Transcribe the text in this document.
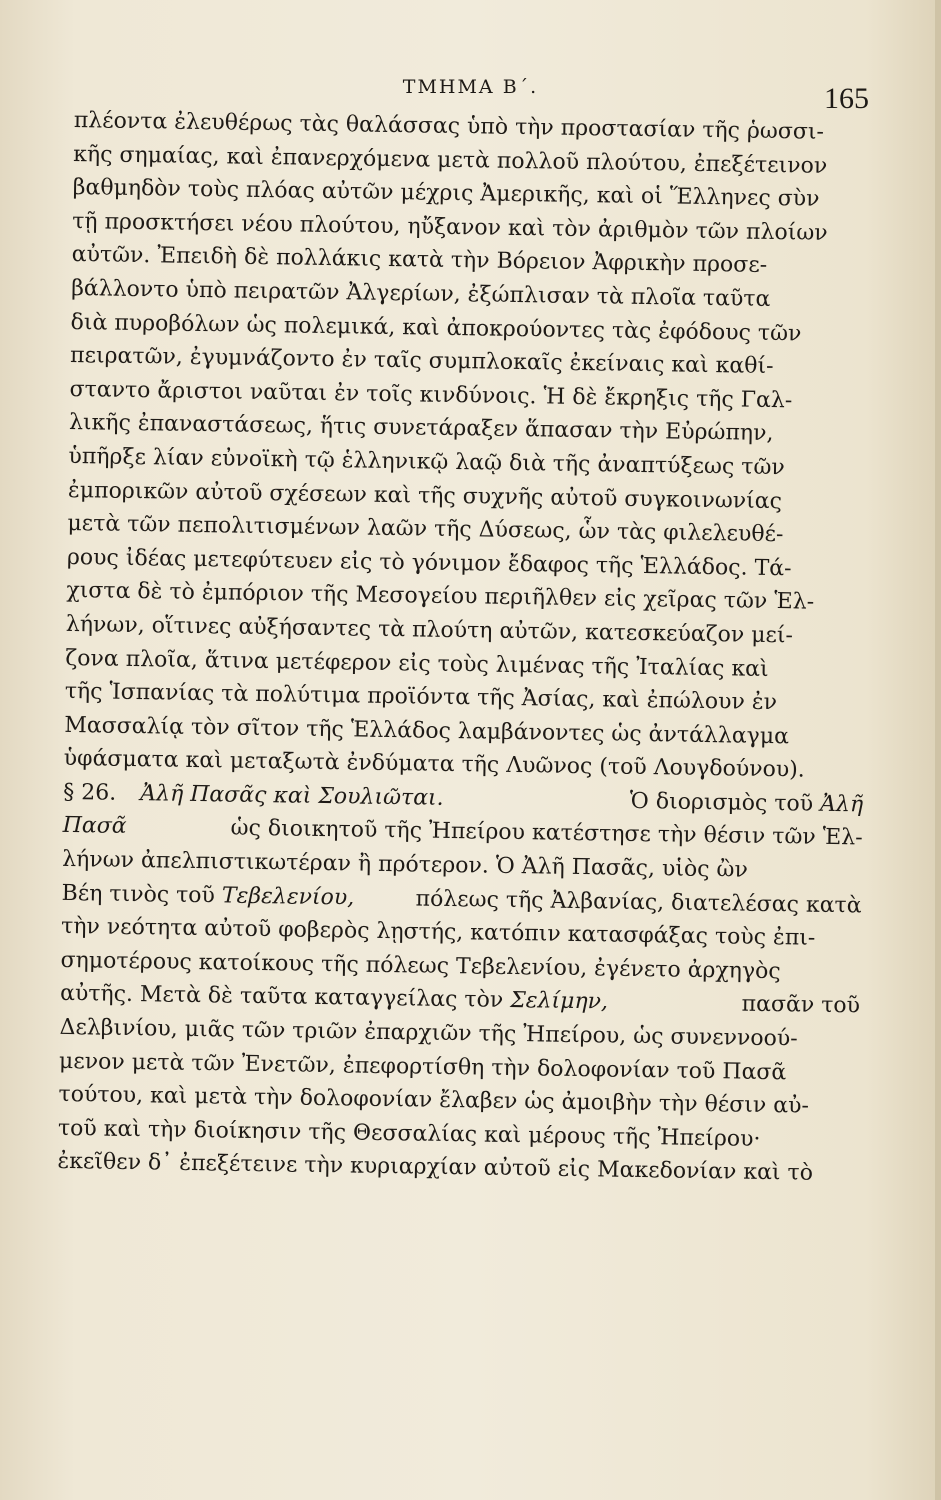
ΤΜΗΜΑ Β΄.	165
πλέοντα ἐλευθέρως τὰς θαλάσσας ὑπὸ τὴν προστασίαν τῆς ῥωσσι-
κῆς σημαίας, καὶ ἐπανερχόμενα μετὰ πολλοῦ πλούτου, ἐπεξέτεινον
βαθμηδὸν τοὺς πλόας αὐτῶν μέχρις Ἀμερικῆς, καὶ οἱ Ἕλληνες σὺν
τῇ προσκτήσει νέου πλούτου, ηὔξανον καὶ τὸν ἀριθμὸν τῶν πλοίων
αὐτῶν. Ἐπειδὴ δὲ πολλάκις κατὰ τὴν Βόρειον Ἀφρικὴν προσε-
βάλλοντο ὑπὸ πειρατῶν Ἀλγερίων, ἐξώπλισαν τὰ πλοῖα ταῦτα
διὰ πυροβόλων ὡς πολεμικά, καὶ ἀποκρούοντες τὰς ἐφόδους τῶν
πειρατῶν, ἐγυμνάζοντο ἐν ταῖς συμπλοκαῖς ἐκείναις καὶ καθί-
σταντο ἄριστοι ναῦται ἐν τοῖς κινδύνοις. Ἡ δὲ ἔκρηξις τῆς Γαλ-
λικῆς ἐπαναστάσεως, ἥτις συνετάραξεν ἅπασαν τὴν Εὐρώπην,
ὑπῆρξε λίαν εὐνοϊκὴ τῷ ἑλληνικῷ λαῷ διὰ τῆς ἀναπτύξεως τῶν
ἐμπορικῶν αὐτοῦ σχέσεων καὶ τῆς συχνῆς αὐτοῦ συγκοινωνίας
μετὰ τῶν πεπολιτισμένων λαῶν τῆς Δύσεως, ὧν τὰς φιλελευθέ-
ρους ἰδέας μετεφύτευεν εἰς τὸ γόνιμον ἔδαφος τῆς Ἑλλάδος. Τά-
χιστα δὲ τὸ ἐμπόριον τῆς Μεσογείου περιῆλθεν εἰς χεῖρας τῶν Ἑλ-
λήνων, οἵτινες αὐξήσαντες τὰ πλούτη αὐτῶν, κατεσκεύαζον μεί-
ζονα πλοῖα, ἅτινα μετέφερον εἰς τοὺς λιμένας τῆς Ἰταλίας καὶ
τῆς Ἱσπανίας τὰ πολύτιμα προϊόντα τῆς Ἀσίας, καὶ ἐπώλουν ἐν
Μασσαλίᾳ τὸν σῖτον τῆς Ἑλλάδος λαμβάνοντες ὡς ἀντάλλαγμα
ὑφάσματα καὶ μεταξωτὰ ἐνδύματα τῆς Λυῶνος (τοῦ Λουγδούνου).
§ 26. Ἀλῆ Πασᾶς καὶ Σουλιῶται.	Ὁ διορισμὸς τοῦ Ἀλῆ
Πασᾶ	ὡς διοικητοῦ τῆς Ἠπείρου κατέστησε τὴν θέσιν τῶν Ἑλ-
λήνων ἀπελπιστικωτέραν ἢ πρότερον. Ὁ Ἀλῆ Πασᾶς, υἱὸς ὢν
Βέη τινὸς τοῦ Τεβελενίου,	πόλεως τῆς Ἀλβανίας, διατελέσας κατὰ
τὴν νεότητα αὐτοῦ φοβερὸς λῃστής, κατόπιν κατασφάξας τοὺς ἐπι-
σημοτέρους κατοίκους τῆς πόλεως Τεβελενίου, ἐγένετο ἀρχηγὸς
αὐτῆς. Μετὰ δὲ ταῦτα καταγγείλας τὸν Σελίμην,	πασᾶν τοῦ
Δελβινίου, μιᾶς τῶν τριῶν ἐπαρχιῶν τῆς Ἠπείρου, ὡς συνεννοού-
μενον μετὰ τῶν Ἐνετῶν, ἐπεφορτίσθη τὴν δολοφονίαν τοῦ Πασᾶ
τούτου, καὶ μετὰ τὴν δολοφονίαν ἔλαβεν ὡς ἀμοιβὴν τὴν θέσιν αὐ-
τοῦ καὶ τὴν διοίκησιν τῆς Θεσσαλίας καὶ μέρους τῆς Ἠπείρου·
ἐκεῖθεν δ᾽ ἐπεξέτεινε τὴν κυριαρχίαν αὐτοῦ εἰς Μακεδονίαν καὶ τὸ
